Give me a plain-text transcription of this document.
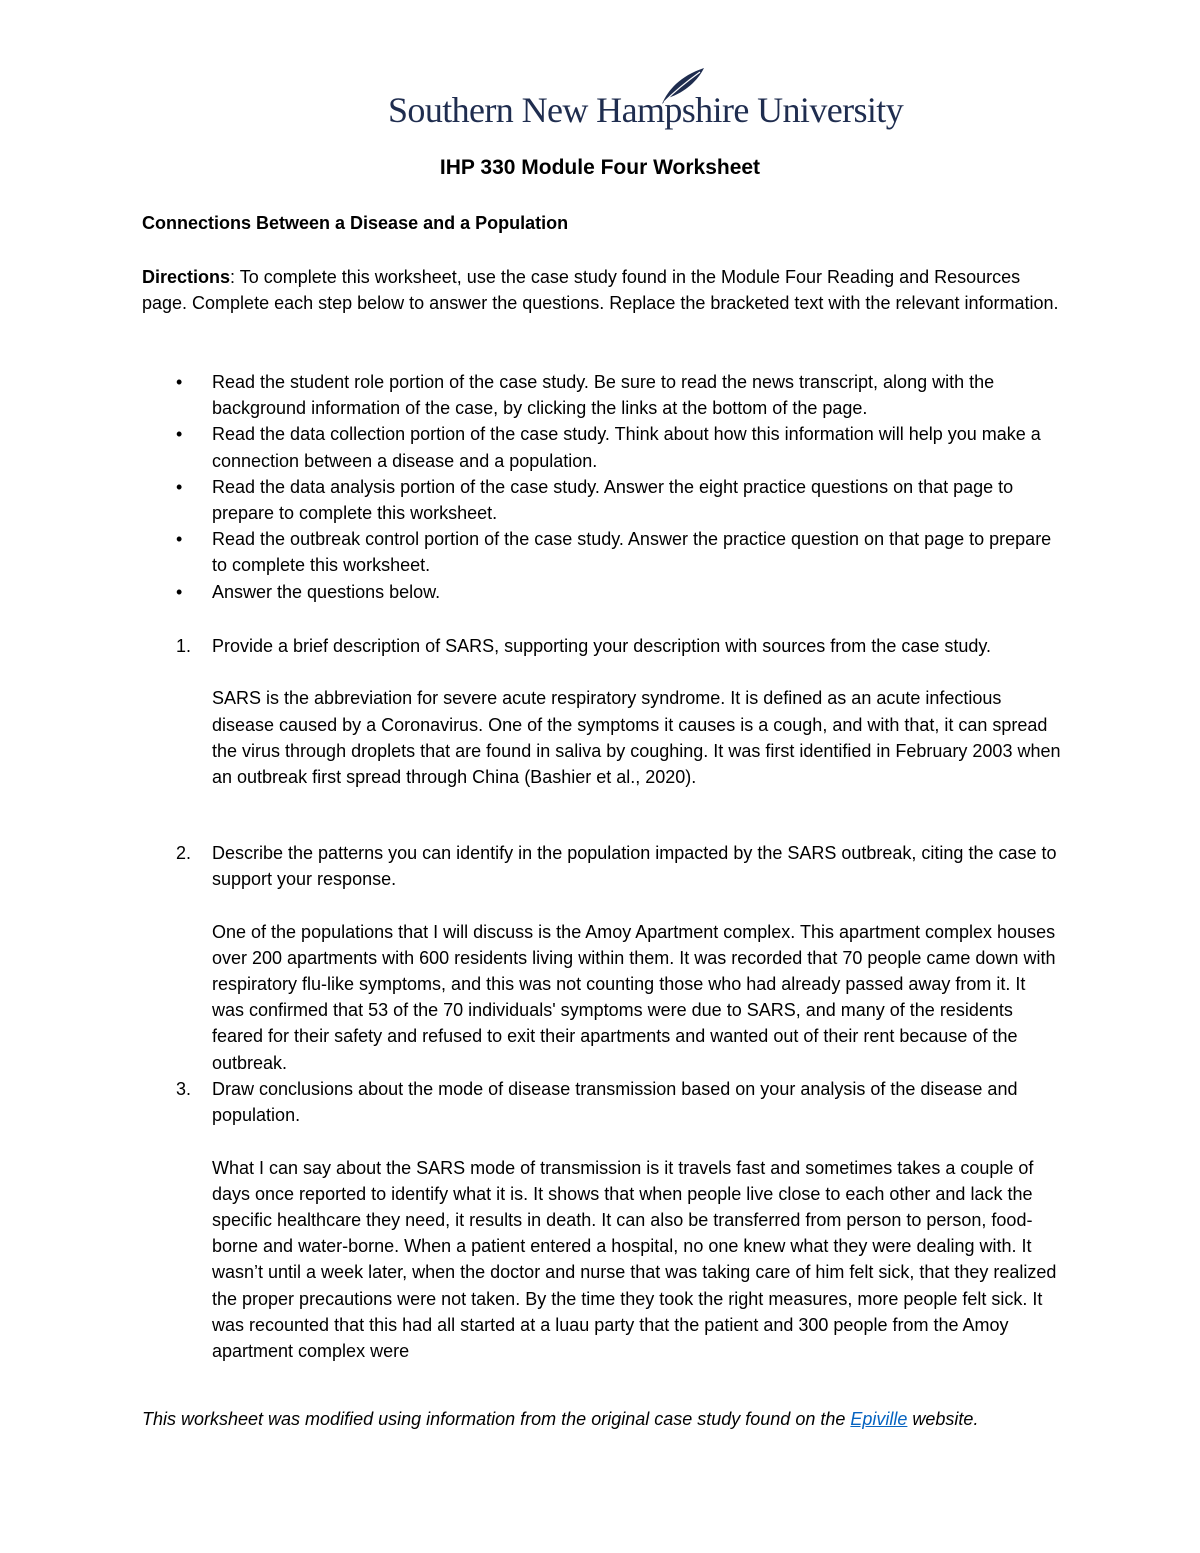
Southern New Hampshire University
IHP 330 Module Four Worksheet
Connections Between a Disease and a Population
Directions: To complete this worksheet, use the case study found in the Module Four Reading and Resources page. Complete each step below to answer the questions. Replace the bracketed text with the relevant information.
• Read the student role portion of the case study. Be sure to read the news transcript, along with the background information of the case, by clicking the links at the bottom of the page.
• Read the data collection portion of the case study. Think about how this information will help you make a connection between a disease and a population.
• Read the data analysis portion of the case study. Answer the eight practice questions on that page to prepare to complete this worksheet.
• Read the outbreak control portion of the case study. Answer the practice question on that page to prepare to complete this worksheet.
• Answer the questions below.
1. Provide a brief description of SARS, supporting your description with sources from the case study.
SARS is the abbreviation for severe acute respiratory syndrome. It is defined as an acute infectious disease caused by a Coronavirus. One of the symptoms it causes is a cough, and with that, it can spread the virus through droplets that are found in saliva by coughing. It was first identified in February 2003 when an outbreak first spread through China (Bashier et al., 2020).
2. Describe the patterns you can identify in the population impacted by the SARS outbreak, citing the case to support your response.
One of the populations that I will discuss is the Amoy Apartment complex. This apartment complex houses over 200 apartments with 600 residents living within them. It was recorded that 70 people came down with respiratory flu-like symptoms, and this was not counting those who had already passed away from it. It was confirmed that 53 of the 70 individuals' symptoms were due to SARS, and many of the residents feared for their safety and refused to exit their apartments and wanted out of their rent because of the outbreak.
3. Draw conclusions about the mode of disease transmission based on your analysis of the disease and population.
What I can say about the SARS mode of transmission is it travels fast and sometimes takes a couple of days once reported to identify what it is. It shows that when people live close to each other and lack the specific healthcare they need, it results in death. It can also be transferred from person to person, food-borne and water-borne. When a patient entered a hospital, no one knew what they were dealing with. It wasn’t until a week later, when the doctor and nurse that was taking care of him felt sick, that they realized the proper precautions were not taken. By the time they took the right measures, more people felt sick. It was recounted that this had all started at a luau party that the patient and 300 people from the Amoy apartment complex were
This worksheet was modified using information from the original case study found on the Epiville website.
